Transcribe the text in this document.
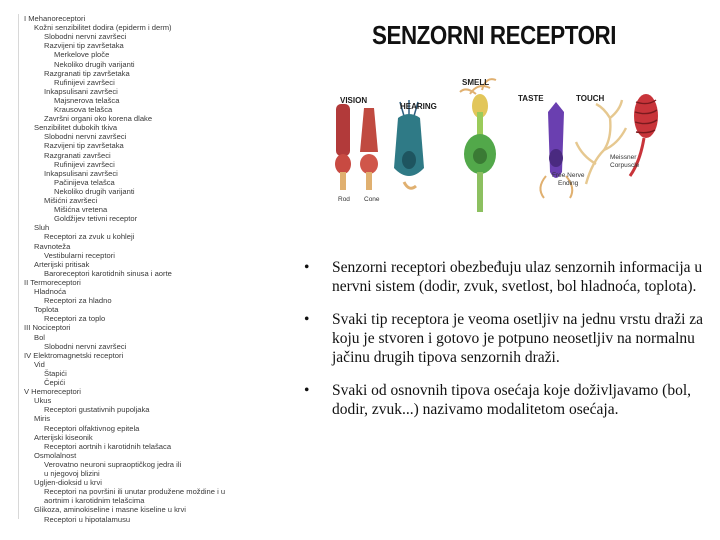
I Mehanoreceptori
Kožni senzibilitet dodira (epiderm i derm)
Slobodni nervni završeci
Razvijeni tip završetaka
Merkelove pločе
Nekoliko drugih varijanti
Razgranati tip završetaka
Rufinijevi završeci
Inkapsulisani završeci
Majsnerova telašca
Krausova telašca
Završni organi oko korena dlake
Senzibilitet dubokih tkiva
Slobodni nervni završeci
Razvijeni tip završetaka
Razgranati završeci
Rufinijevi završeci
Inkapsulisani završeci
Pačinijeva telašca
Nekoliko drugih varijanti
Mišićni završeci
Mišićna vretena
Goldžijev tetivni receptor
Sluh
Receptori za zvuk u kohleji
Ravnoteža
Vestibularni receptori
Arterijski pritisak
Baroreceptori karotidnih sinusa i aorte
II Termoreceptori
Hladnoća
Receptori za hladno
Toplota
Receptori za toplo
III Nociceptori
Bol
Slobodni nervni završeci
IV Elektromagnetski receptori
Vid
Štapići
Čepići
V Hemoreceptori
Ukus
Receptori gustativnih pupoljaka
Miris
Receptori olfaktivnog epitela
Arterijski kiseonik
Receptori aortnih i karotidnih telašaca
Osmolalnost
Verovatno neuroni supraoptičkog jedra ili
u njegovoj blizini
Ugljen-dioksid u krvi
Receptori na površini ili unutar produžene moždine i u
aortnim i karotidnim telašcima
Glikoza, aminokiseline i masne kiseline u krvi
Receptori u hipotalamusu
SENZORNI RECEPTORI
VISION
HEARING
SMELL
TASTE	TOUCH
Rod Cone
Free Nerve
Ending
Meissner
Corpuscle
• Senzorni receptori obezbeđuju ulaz senzornih informacija u nervni sistem (dodir, zvuk, svetlost, bol hladnoća, toplota).
• Svaki tip receptora je veoma osetljiv na jednu vrstu draži za koju je stvoren i gotovo je potpuno neosetljiv na normalnu jačinu drugih tipova senzornih draži.
• Svaki od osnovnih tipova osećaja koje doživljavamo (bol, dodir, zvuk...) nazivamo modalitetom osećaja.
